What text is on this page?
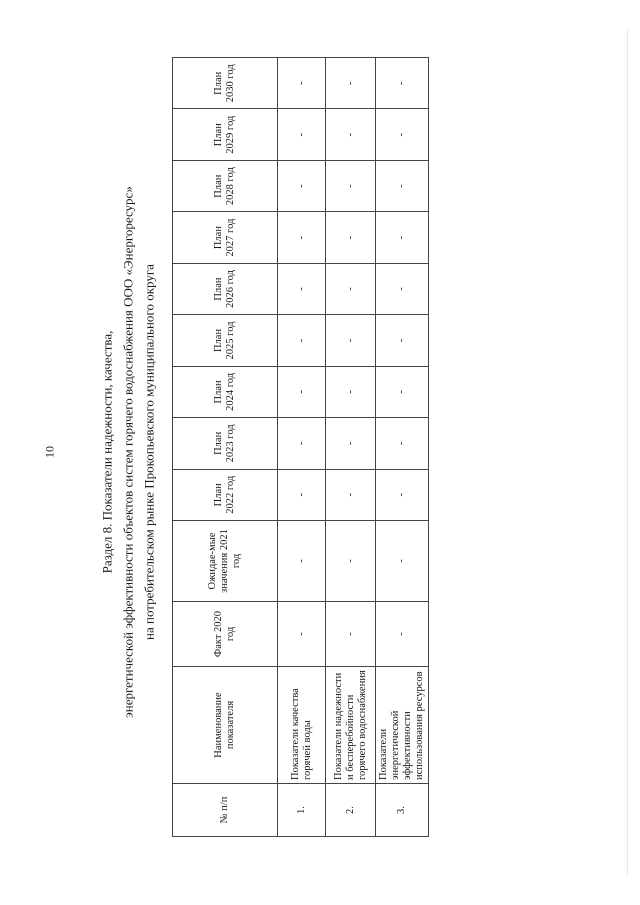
10	Раздел 8. Показатели надежности, качества, энергетической эффективности объектов систем горячего водоснабжения ООО «Энергоресурс» на потребительском рынке Прокопьевского муниципального округа
№ п/п	Наименование показателя	Факт 2020 год	Ожидае-мые значения 2021 год	План 2022 год	План 2023 год	План 2024 год	План 2025 год	План 2026 год	План 2027 год	План 2028 год	План 2029 год	План 2030 год
1.	Показатели качества горячей воды	-	-	-	-	-	-	-	-	-	-	-
2.	Показатели надежности и бесперебойности горячего водоснабжения	-	-	-	-	-	-	-	-	-	-	-
3.	Показатели энергетической эффективности использования ресурсов	-	-	-	-	-	-	-	-	-	-	-
